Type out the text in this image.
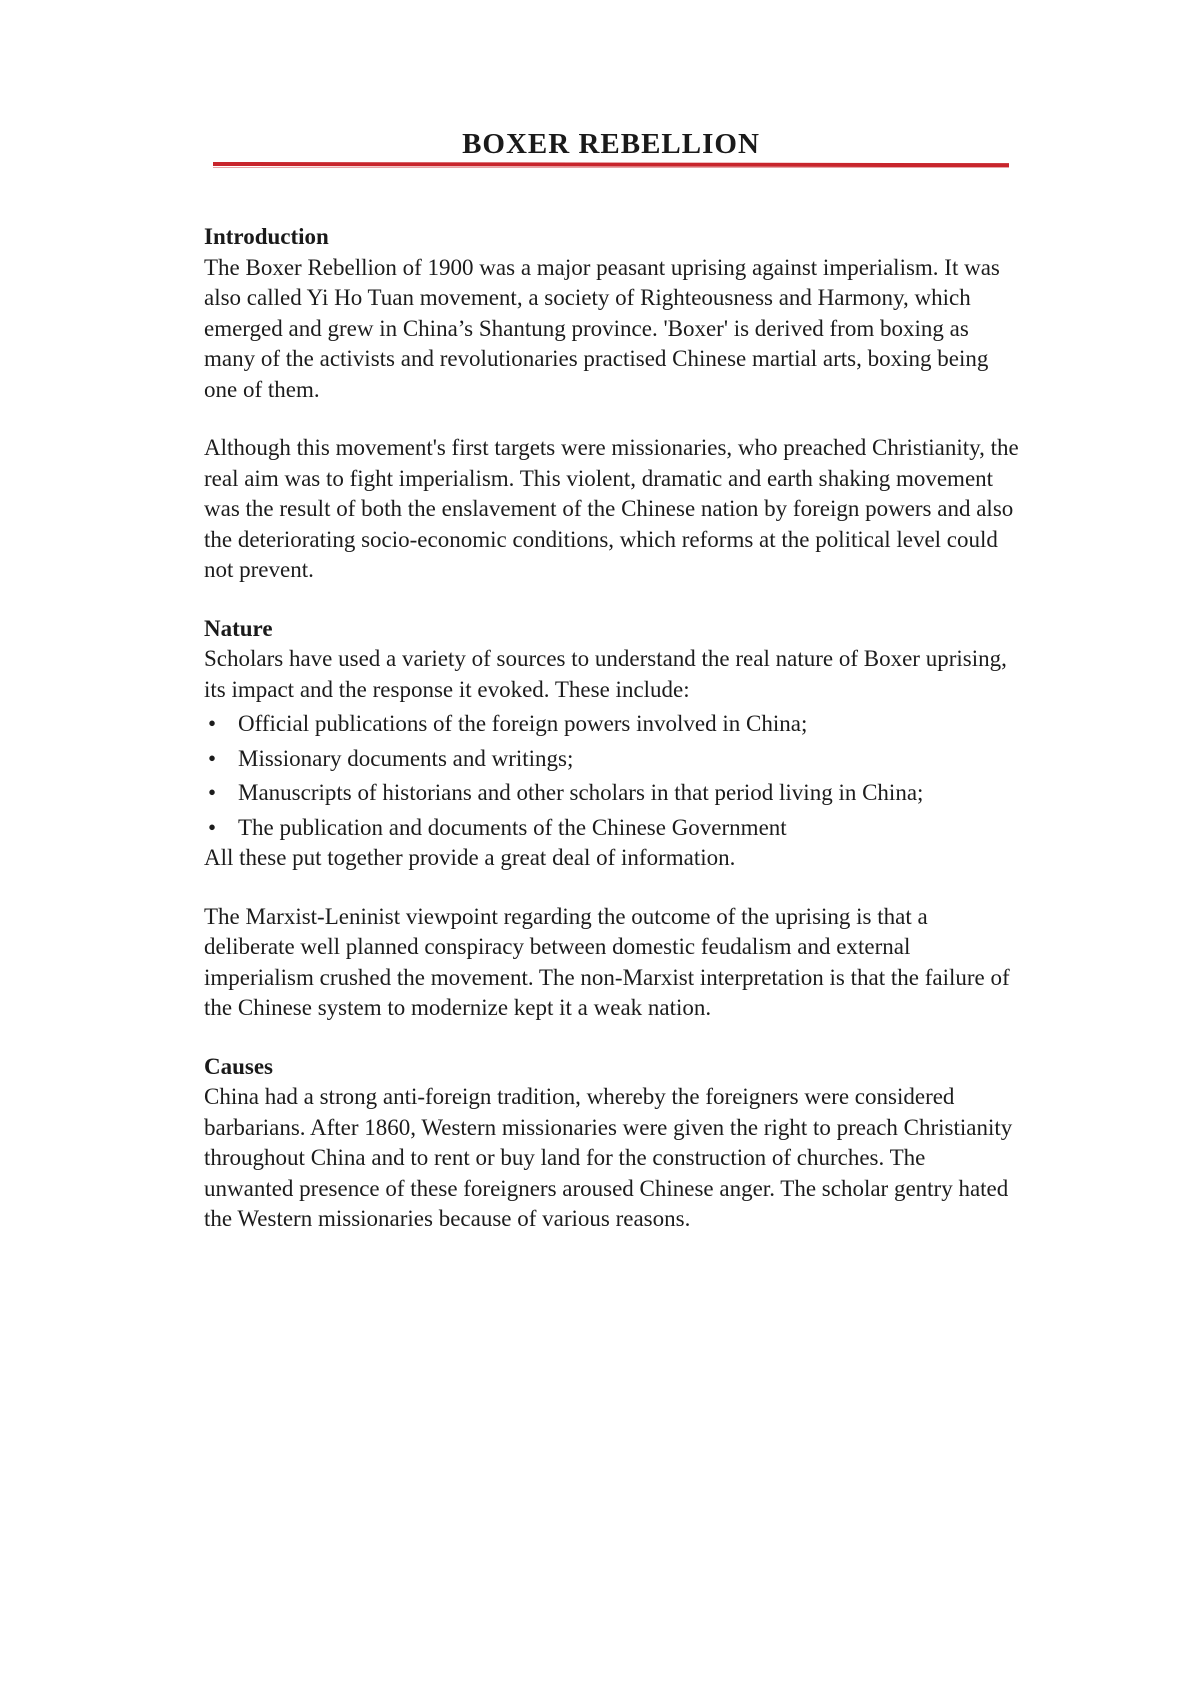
BOXER REBELLION
Introduction

The Boxer Rebellion of 1900 was a major peasant uprising against imperialism. It was also called Yi Ho Tuan movement, a society of Righteousness and Harmony, which emerged and grew in China’s Shantung province. 'Boxer' is derived from boxing as many of the activists and revolutionaries practised Chinese martial arts, boxing being one of them.

Although this movement's first targets were missionaries, who preached Christianity, the real aim was to fight imperialism. This violent, dramatic and earth shaking movement was the result of both the enslavement of the Chinese nation by foreign powers and also the deteriorating socio-economic conditions, which reforms at the political level could not prevent.

Nature

Scholars have used a variety of sources to understand the real nature of Boxer uprising, its impact and the response it evoked. These include:

• Official publications of the foreign powers involved in China;
• Missionary documents and writings;
• Manuscripts of historians and other scholars in that period living in China;
• The publication and documents of the Chinese Government

All these put together provide a great deal of information.

The Marxist-Leninist viewpoint regarding the outcome of the uprising is that a deliberate well planned conspiracy between domestic feudalism and external imperialism crushed the movement. The non-Marxist interpretation is that the failure of the Chinese system to modernize kept it a weak nation.

Causes

China had a strong anti-foreign tradition, whereby the foreigners were considered barbarians. After 1860, Western missionaries were given the right to preach Christianity throughout China and to rent or buy land for the construction of churches. The unwanted presence of these foreigners aroused Chinese anger. The scholar gentry hated the Western missionaries because of various reasons.
